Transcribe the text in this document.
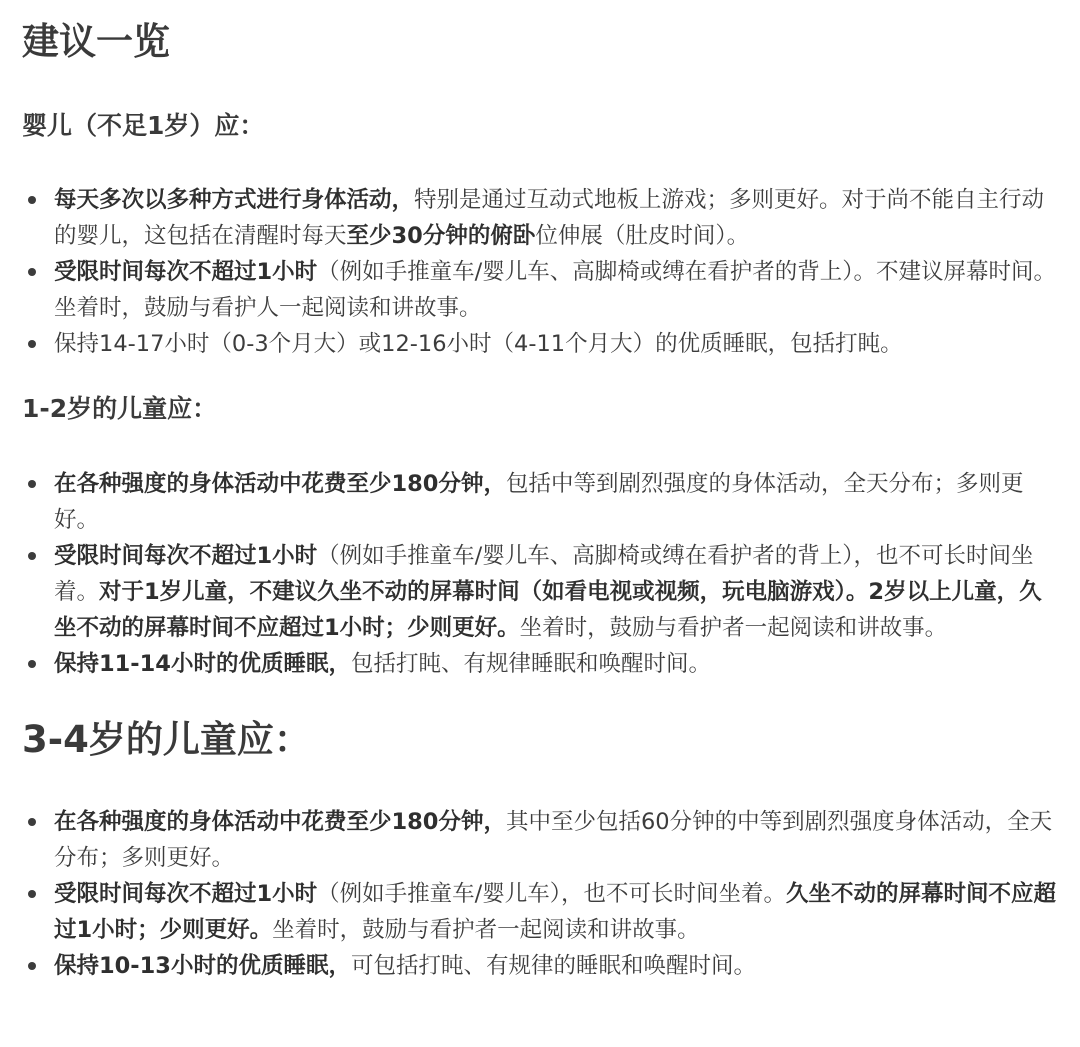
建议一览
婴儿（不足1岁）应：
每天多次以多种方式进行身体活动，特别是通过互动式地板上游戏；多则更好。对于尚不能自主行动的婴儿，这包括在清醒时每天至少30分钟的俯卧位伸展（肚皮时间）。
受限时间每次不超过1小时（例如手推童车/婴儿车、高脚椅或缚在看护者的背上）。不建议屏幕时间。坐着时，鼓励与看护人一起阅读和讲故事。
保持14-17小时（0-3个月大）或12-16小时（4-11个月大）的优质睡眠，包括打盹。
1-2岁的儿童应：
在各种强度的身体活动中花费至少180分钟，包括中等到剧烈强度的身体活动，全天分布；多则更好。
受限时间每次不超过1小时（例如手推童车/婴儿车、高脚椅或缚在看护者的背上），也不可长时间坐着。对于1岁儿童，不建议久坐不动的屏幕时间（如看电视或视频，玩电脑游戏）。2岁以上儿童，久坐不动的屏幕时间不应超过1小时；少则更好。坐着时，鼓励与看护者一起阅读和讲故事。
保持11-14小时的优质睡眠，包括打盹、有规律睡眠和唤醒时间。
3-4岁的儿童应：
在各种强度的身体活动中花费至少180分钟，其中至少包括60分钟的中等到剧烈强度身体活动，全天分布；多则更好。
受限时间每次不超过1小时（例如手推童车/婴儿车），也不可长时间坐着。久坐不动的屏幕时间不应超过1小时；少则更好。坐着时，鼓励与看护者一起阅读和讲故事。
保持10-13小时的优质睡眠，可包括打盹、有规律的睡眠和唤醒时间。
